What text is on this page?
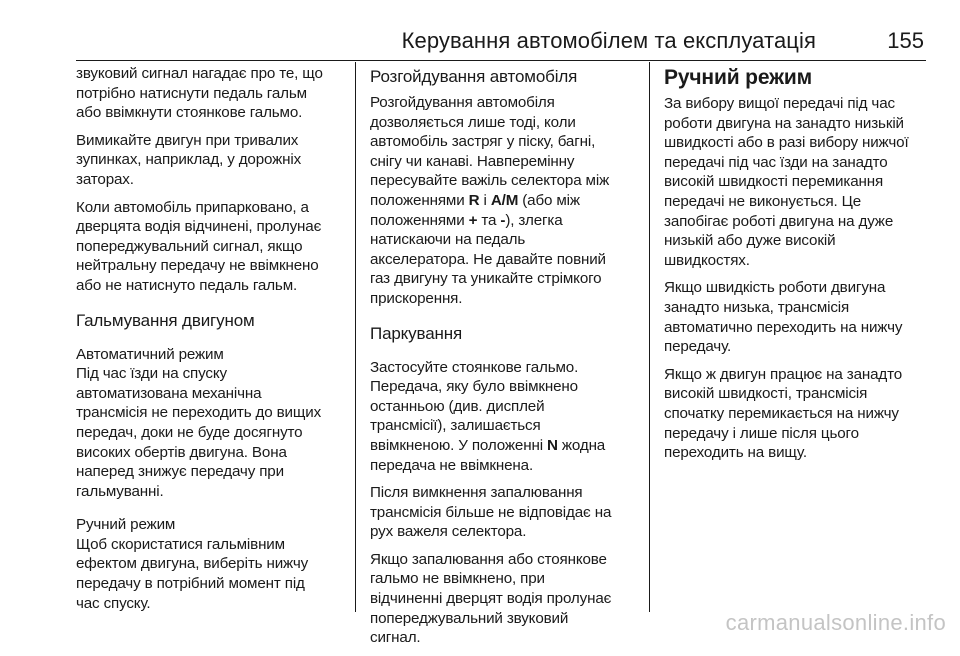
Керування автомобілем та експлуатація	155

звуковий сигнал нагадає про те, що
потрібно натиснути педаль гальм
або ввімкнути стоянкове гальмо.

Вимикайте двигун при тривалих
зупинках, наприклад, у дорожніх
заторах.

Коли автомобіль припарковано, а
дверцята водія відчинені, пролунає
попереджувальний сигнал, якщо
нейтральну передачу не ввімкнено
або не натиснуто педаль гальм.

Гальмування двигуном
Автоматичний режим

Під час їзди на спуску
автоматизована механічна
трансмісія не переходить до вищих
передач, доки не буде досягнуто
високих обертів двигуна. Вона
наперед знижує передачу при
гальмуванні.

Ручний режим

Щоб скористатися гальмівним
ефектом двигуна, виберіть нижчу
передачу в потрібний момент під
час спуску.

Розгойдування автомобіля

Розгойдування автомобіля
дозволяється лише тоді, коли
автомобіль застряг у піску, багні,
снігу чи канаві. Навперемінну
пересувайте важіль селектора між
положеннями R і A/M (або між
положеннями + та -), злегка
натискаючи на педаль
акселератора. Не давайте повний
газ двигуну та уникайте стрімкого
прискорення.

Паркування

Застосуйте стоянкове гальмо.
Передача, яку було ввімкнено
останньою (див. дисплей
трансмісії), залишається
ввімкненою. У положенні N жодна
передача не ввімкнена.

Після вимкнення запалювання
трансмісія більше не відповідає на
рух важеля селектора.

Якщо запалювання або стоянкове
гальмо не ввімкнено, при
відчиненні дверцят водія пролунає
попереджувальний звуковий
сигнал.

Ручний режим

За вибору вищої передачі під час
роботи двигуна на занадто низькій
швидкості або в разі вибору нижчої
передачі під час їзди на занадто
високій швидкості перемикання
передачі не виконується. Це
запобігає роботі двигуна на дуже
низькій або дуже високій
швидкостях.

Якщо швидкість роботи двигуна
занадто низька, трансмісія
автоматично переходить на нижчу
передачу.

Якщо ж двигун працює на занадто
високій швидкості, трансмісія
спочатку перемикається на нижчу
передачу і лише після цього
переходить на вищу.

carmanualsonline.info
